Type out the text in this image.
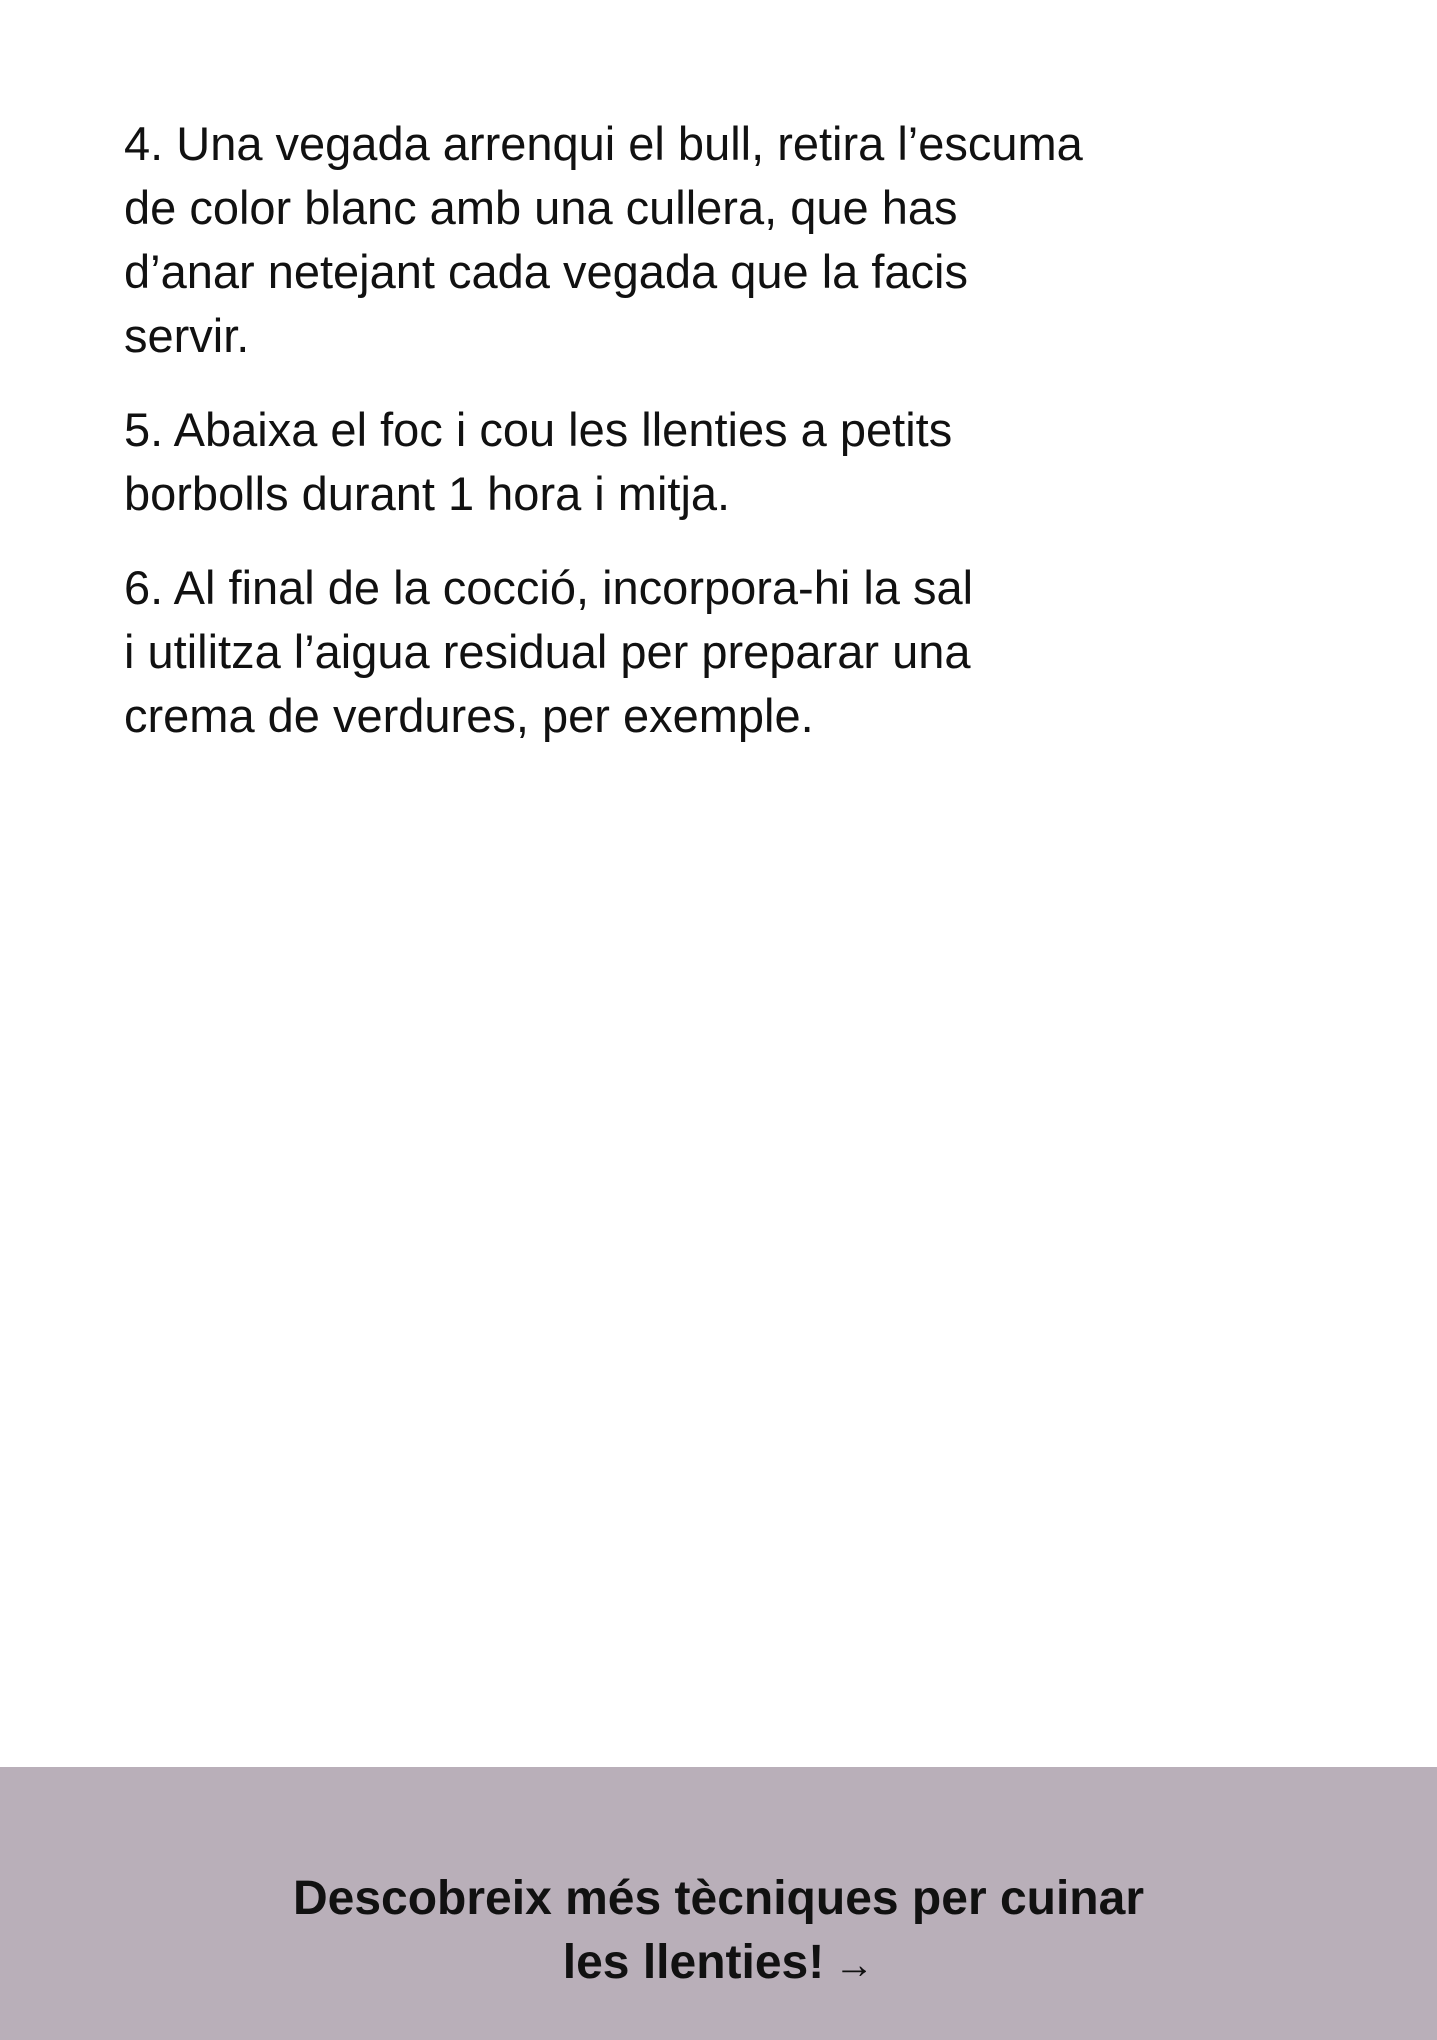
4. Una vegada arrenqui el bull, retira l’escuma
de color blanc amb una cullera, que has
d’anar netejant cada vegada que la facis
servir.

5. Abaixa el foc i cou les llenties a petits
borbolls durant 1 hora i mitja.

6. Al final de la cocció, incorpora-hi la sal
i utilitza l’aigua residual per preparar una
crema de verdures, per exemple.

Descobreix més tècniques per cuinar
les llenties! →
